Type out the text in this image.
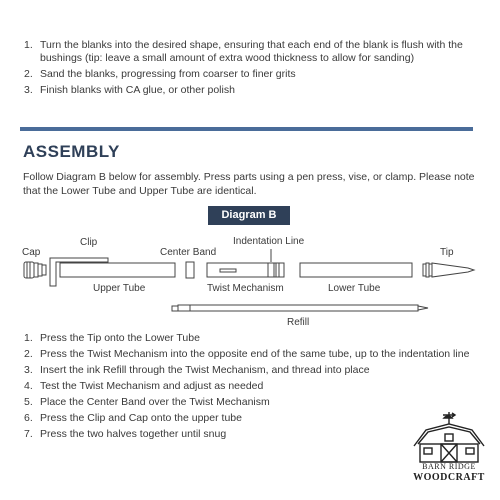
1. Turn the blanks into the desired shape, ensuring that each end of the blank is flush with the bushings (tip: leave a small amount of extra wood thickness to allow for sanding)
2. Sand the blanks, progressing from coarser to finer grits
3. Finish blanks with CA glue, or other polish
ASSEMBLY
Follow Diagram B below for assembly. Press parts using a pen press, vise, or clamp. Please note that the Lower Tube and Upper Tube are identical.
Diagram B
Cap
Clip
Center Band
Indentation Line
Tip
Upper Tube	Twist Mechanism	Lower Tube
Refill
1. Press the Tip onto the Lower Tube
2. Press the Twist Mechanism into the opposite end of the same tube, up to the indentation line
3. Insert the ink Refill through the Twist Mechanism, and thread into place
4. Test the Twist Mechanism and adjust as needed
5. Place the Center Band over the Twist Mechanism
6. Press the Clip and Cap onto the upper tube
7. Press the two halves together until snug
BARN RIDGE
WOODCRAFT
